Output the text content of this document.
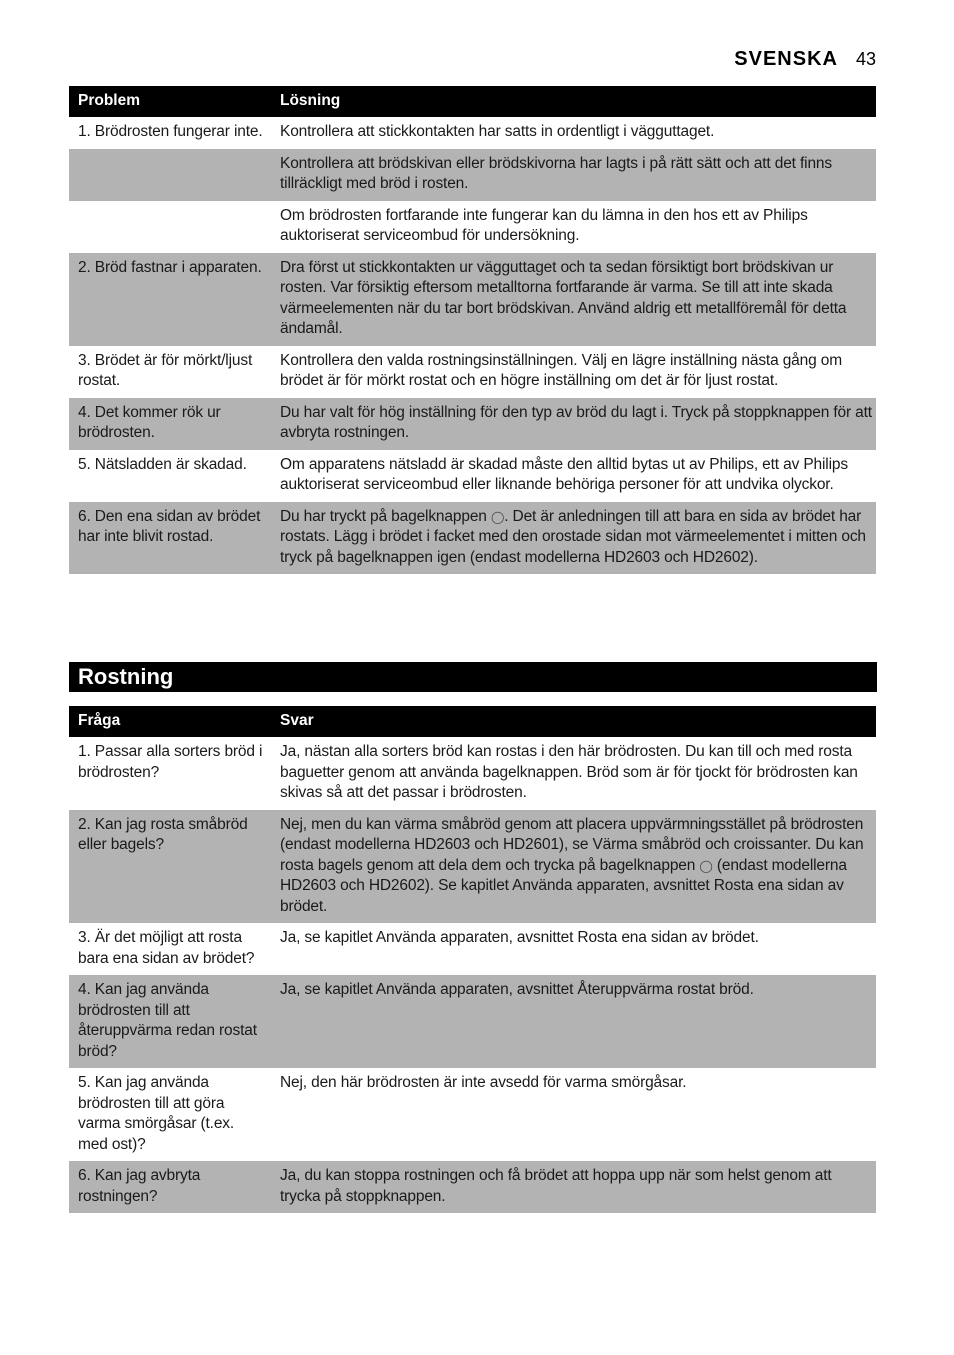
SVENSKA 43
Problem	Lösning
1. Brödrosten fungerar inte.	Kontrollera att stickkontakten har satts in ordentligt i vägguttaget.
	Kontrollera att brödskivan eller brödskivorna har lagts i på rätt sätt och att det finns tillräckligt med bröd i rosten.
	Om brödrosten fortfarande inte fungerar kan du lämna in den hos ett av Philips auktoriserat serviceombud för undersökning.
2. Bröd fastnar i apparaten.	Dra först ut stickkontakten ur vägguttaget och ta sedan försiktigt bort brödskivan ur rosten. Var försiktig eftersom metalltorna fortfarande är varma. Se till att inte skada värmeelementen när du tar bort brödskivan. Använd aldrig ett metallföremål för detta ändamål.
3. Brödet är för mörkt/ljust rostat.	Kontrollera den valda rostningsinställningen. Välj en lägre inställning nästa gång om brödet är för mörkt rostat och en högre inställning om det är för ljust rostat.
4. Det kommer rök ur brödrosten.	Du har valt för hög inställning för den typ av bröd du lagt i. Tryck på stoppknappen för att avbryta rostningen.
5. Nätsladden är skadad.	Om apparatens nätsladd är skadad måste den alltid bytas ut av Philips, ett av Philips auktoriserat serviceombud eller liknande behöriga personer för att undvika olyckor.
6. Den ena sidan av brödet har inte blivit rostad.	Du har tryckt på bagelknappen ◯. Det är anledningen till att bara en sida av brödet har rostats. Lägg i brödet i facket med den orostade sidan mot värmeelementet i mitten och tryck på bagelknappen igen (endast modellerna HD2603 och HD2602).
Rostning
Fråga	Svar
1. Passar alla sorters bröd i brödrosten?	Ja, nästan alla sorters bröd kan rostas i den här brödrosten. Du kan till och med rosta baguetter genom att använda bagelknappen. Bröd som är för tjockt för brödrosten kan skivas så att det passar i brödrosten.
2. Kan jag rosta småbröd eller bagels?	Nej, men du kan värma småbröd genom att placera uppvärmningsstället på brödrosten (endast modellerna HD2603 och HD2601), se Värma småbröd och croissanter. Du kan rosta bagels genom att dela dem och trycka på bagelknappen ◯ (endast modellerna HD2603 och HD2602). Se kapitlet Använda apparaten, avsnittet Rosta ena sidan av brödet.
3. Är det möjligt att rosta bara ena sidan av brödet?	Ja, se kapitlet Använda apparaten, avsnittet Rosta ena sidan av brödet.
4. Kan jag använda brödrosten till att återuppvärma redan rostat bröd?	Ja, se kapitlet Använda apparaten, avsnittet Återuppvärma rostat bröd.
5. Kan jag använda brödrosten till att göra varma smörgåsar (t.ex. med ost)?	Nej, den här brödrosten är inte avsedd för varma smörgåsar.
6. Kan jag avbryta rostningen?	Ja, du kan stoppa rostningen och få brödet att hoppa upp när som helst genom att trycka på stoppknappen.
